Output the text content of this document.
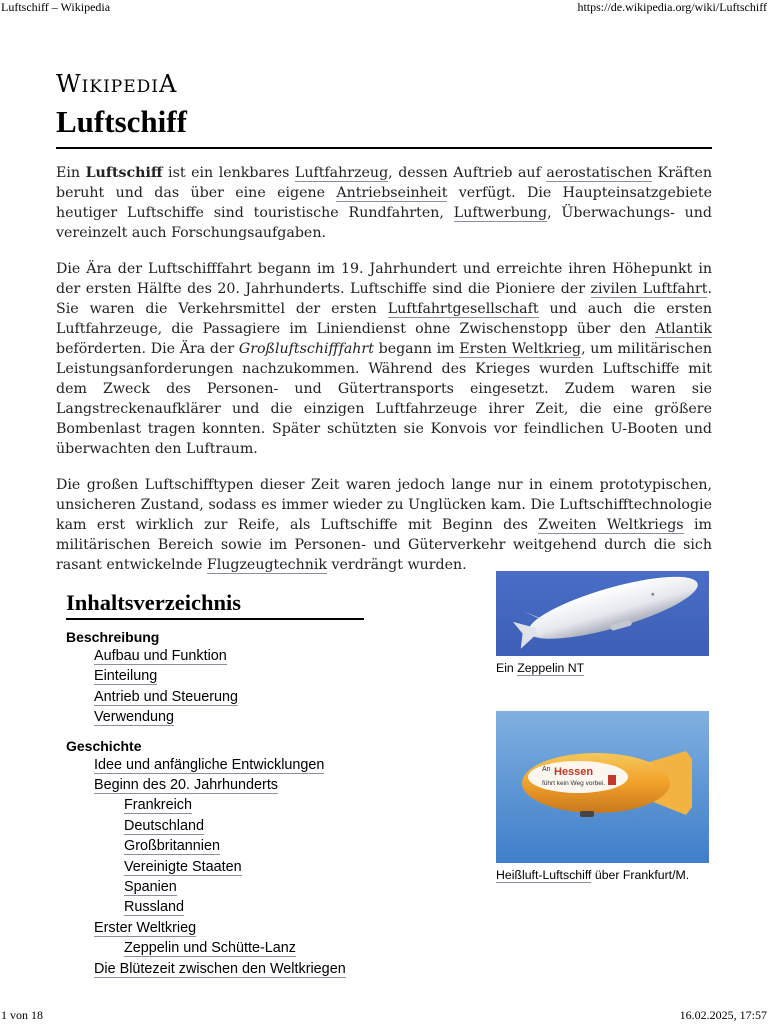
Luftschiff – Wikipedia	https://de.wikipedia.org/wiki/Luftschiff
WIKIPEDIA
Luftschiff

Ein Luftschiff ist ein lenkbares Luftfahrzeug, dessen Auftrieb auf aerostatischen Kräften beruht und das über eine eigene Antriebseinheit verfügt. Die Haupteinsatzgebiete heutiger Luftschiffe sind touristische Rundfahrten, Luftwerbung, Überwachungs- und vereinzelt auch Forschungsaufgaben.

Die Ära der Luftschifffahrt begann im 19. Jahrhundert und erreichte ihren Höhepunkt in der ersten Hälfte des 20. Jahrhunderts. Luftschiffe sind die Pioniere der zivilen Luftfahrt. Sie waren die Verkehrsmittel der ersten Luftfahrtgesellschaft und auch die ersten Luftfahrzeuge, die Passagiere im Liniendienst ohne Zwischenstopp über den Atlantik beförderten. Die Ära der Großluftschifffahrt begann im Ersten Weltkrieg, um militärischen Leistungsanforderungen nachzukommen. Während des Krieges wurden Luftschiffe mit dem Zweck des Personen- und Gütertransports eingesetzt. Zudem waren sie Langstreckenaufklärer und die einzigen Luftfahrzeuge ihrer Zeit, die eine größere Bombenlast tragen konnten. Später schützten sie Konvois vor feindlichen U-Booten und überwachten den Luftraum.

Die großen Luftschifftypen dieser Zeit waren jedoch lange nur in einem prototypischen, unsicheren Zustand, sodass es immer wieder zu Unglücken kam. Die Luftschifftechnologie kam erst wirklich zur Reife, als Luftschiffe mit Beginn des Zweiten Weltkriegs im militärischen Bereich sowie im Personen- und Güterverkehr weitgehend durch die sich rasant entwickelnde Flugzeugtechnik verdrängt wurden.

Inhaltsverzeichnis
Beschreibung
Aufbau und Funktion
Einteilung
Antrieb und Steuerung
Verwendung
Geschichte
Idee und anfängliche Entwicklungen
Beginn des 20. Jahrhunderts
Frankreich
Deutschland
Großbritannien
Vereinigte Staaten
Spanien
Russland
Erster Weltkrieg
Zeppelin und Schütte-Lanz
Die Blütezeit zwischen den Weltkriegen
Ein Zeppelin NT
An Hessen
führt kein Weg vorbei.
Heißluft-Luftschiff über Frankfurt/M.
1 von 18	16.02.2025, 17:57
